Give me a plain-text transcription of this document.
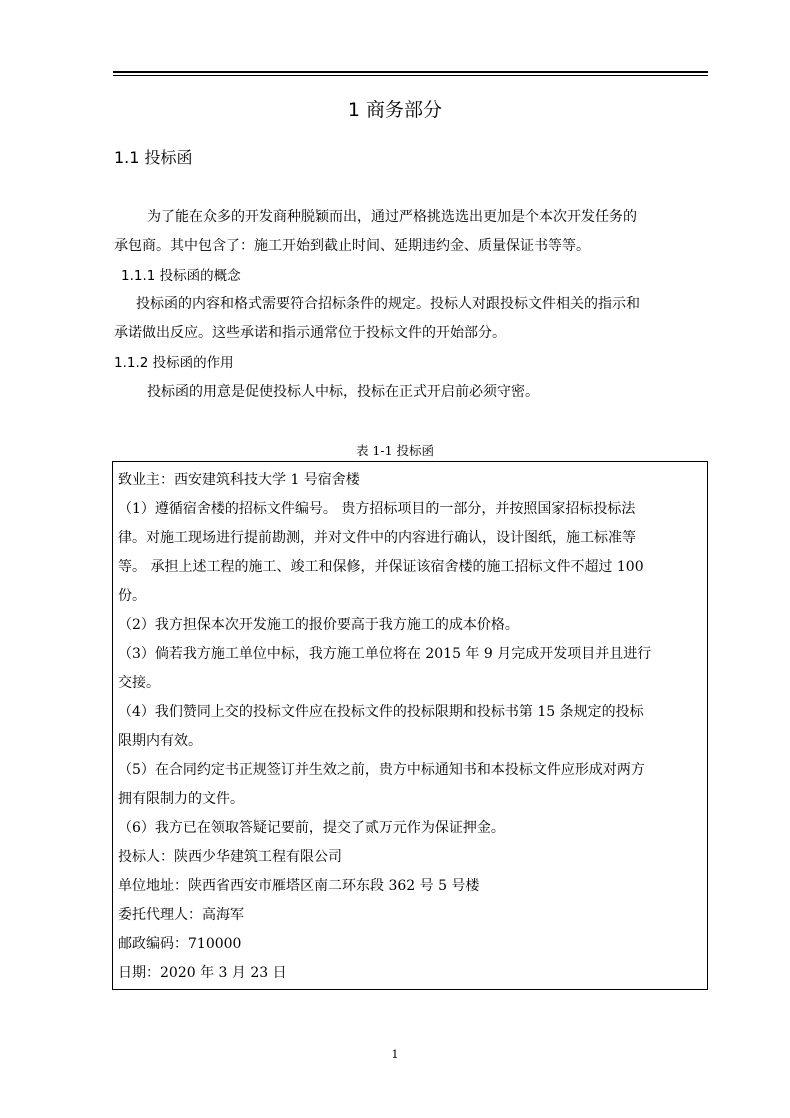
1 商务部分
1.1 投标函
为了能在众多的开发商种脱颖而出，通过严格挑选选出更加是个本次开发任务的
承包商。其中包含了：施工开始到截止时间、延期违约金、质量保证书等等。
1.1.1 投标函的概念
投标函的内容和格式需要符合招标条件的规定。投标人对跟投标文件相关的指示和
承诺做出反应。这些承诺和指示通常位于投标文件的开始部分。
1.1.2 投标函的作用
投标函的用意是促使投标人中标，投标在正式开启前必须守密。
表 1-1 投标函
致业主：西安建筑科技大学 1 号宿舍楼
（1）遵循宿舍楼的招标文件编号。 贵方招标项目的一部分，并按照国家招标投标法
律。对施工现场进行提前勘测，并对文件中的内容进行确认，设计图纸，施工标准等
等。 承担上述工程的施工、竣工和保修，并保证该宿舍楼的施工招标文件不超过 100
份。
（2）我方担保本次开发施工的报价要高于我方施工的成本价格。
（3）倘若我方施工单位中标，我方施工单位将在 2015 年 9 月完成开发项目并且进行
交接。
（4）我们赞同上交的投标文件应在投标文件的投标限期和投标书第 15 条规定的投标
限期内有效。
（5）在合同约定书正规签订并生效之前，贵方中标通知书和本投标文件应形成对两方
拥有限制力的文件。
（6）我方已在领取答疑记要前，提交了贰万元作为保证押金。
投标人：陕西少华建筑工程有限公司
单位地址：陕西省西安市雁塔区南二环东段 362 号 5 号楼
委托代理人：高海军
邮政编码：710000
日期：2020 年 3 月 23 日
1
